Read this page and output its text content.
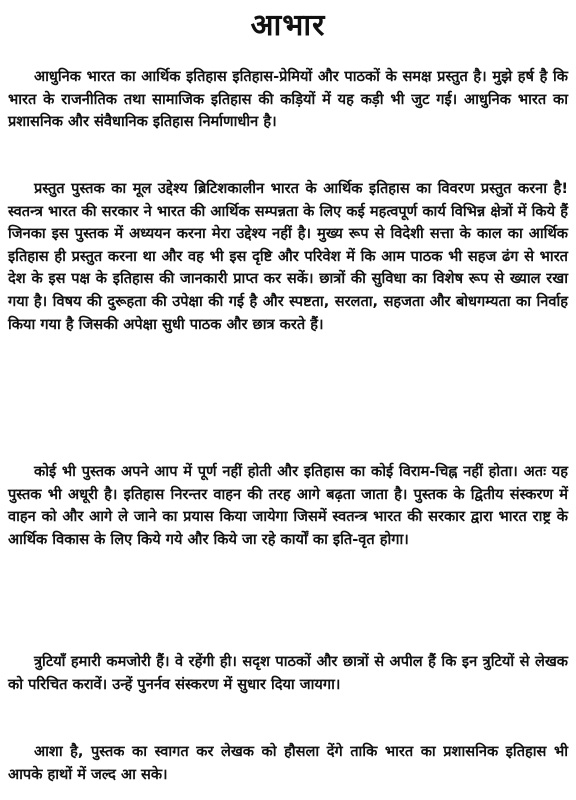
आभार

आधुनिक भारत का आर्थिक इतिहास इतिहास-प्रेमियों और पाठकों के समक्ष प्रस्तुत है। मुझे हर्ष है कि भारत के राजनीतिक तथा सामाजिक इतिहास की कड़ियों में यह कड़ी भी जुट गई। आधुनिक भारत का प्रशासनिक और संवैधानिक इतिहास निर्माणाधीन है।

प्रस्तुत पुस्तक का मूल उद्देश्य ब्रिटिशकालीन भारत के आर्थिक इतिहास का विवरण प्रस्तुत करना है! स्वतन्त्र भारत की सरकार ने भारत की आर्थिक सम्पन्नता के लिए कई महत्वपूर्ण कार्य विभिन्न क्षेत्रों में किये हैं जिनका इस पुस्तक में अध्ययन करना मेरा उद्देश्य नहीं है। मुख्य रूप से विदेशी सत्ता के काल का आर्थिक इतिहास ही प्रस्तुत करना था और वह भी इस दृष्टि और परिवेश में कि आम पाठक भी सहज ढंग से भारत देश के इस पक्ष के इतिहास की जानकारी प्राप्त कर सकें। छात्रों की सुविधा का विशेष रूप से ख्याल रखा गया है। विषय की दुरूहता की उपेक्षा की गई है और स्पष्टता, सरलता, सहजता और बोधगम्यता का निर्वाह किया गया है जिसकी अपेक्षा सुधी पाठक और छात्र करते हैं।

कोई भी पुस्तक अपने आप में पूर्ण नहीं होती और इतिहास का कोई विराम-चिह्न नहीं होता। अतः यह पुस्तक भी अधूरी है। इतिहास निरन्तर वाहन की तरह आगे बढ़ता जाता है। पुस्तक के द्वितीय संस्करण में वाहन को और आगे ले जाने का प्रयास किया जायेगा जिसमें स्वतन्त्र भारत की सरकार द्वारा भारत राष्ट्र के आर्थिक विकास के लिए किये गये और किये जा रहे कार्यों का इति-वृत होगा।

त्रुटियाँ हमारी कमजोरी हैं। वे रहेंगी ही। सदृश पाठकों और छात्रों से अपील हैं कि इन त्रुटियों से लेखक को परिचित करावें। उन्हें पुनर्नव संस्करण में सुधार दिया जायगा।

आशा है, पुस्तक का स्वागत कर लेखक को हौसला देंगे ताकि भारत का प्रशासनिक इतिहास भी आपके हाथों में जल्द आ सके।
